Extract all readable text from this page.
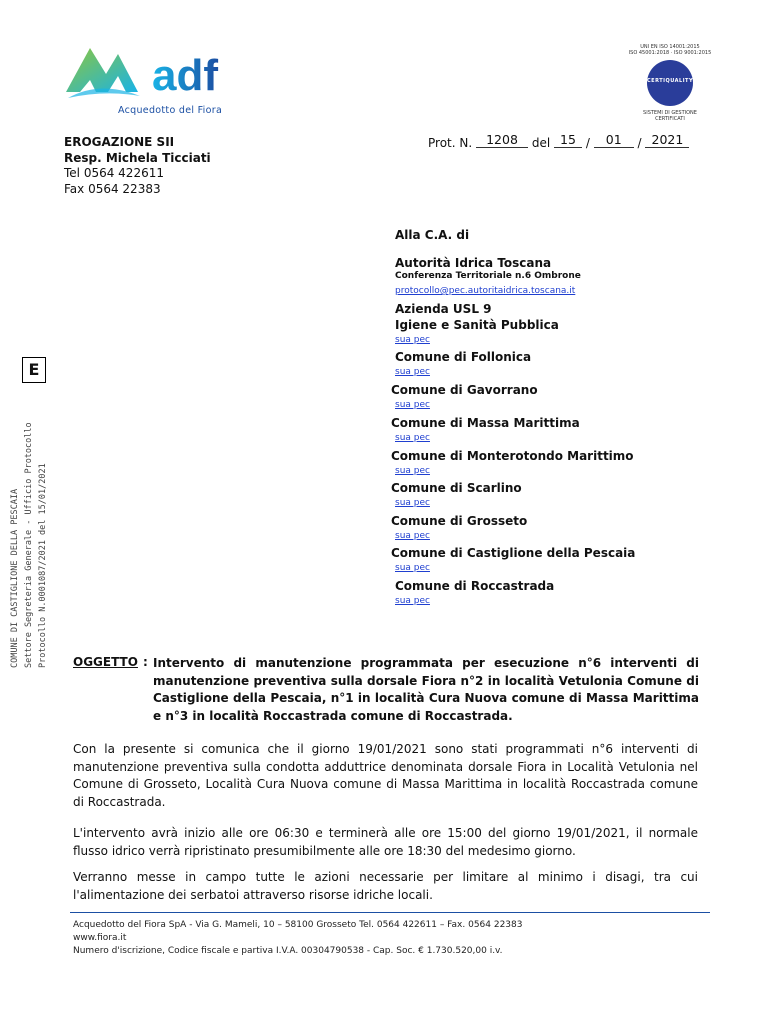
adf
Acquedotto del Fiora
UNI EN ISO 14001:2015
ISO 45001:2018 · ISO 9001:2015
CERTIQUALITY
SISTEMI DI GESTIONE
CERTIFICATI
EROGAZIONE SII
Resp. Michela Ticciati
Tel 0564 422611
Fax 0564 22383
Prot. N. 1208 del 15 / 01 / 2021
E
COMUNE DI CASTIGLIONE DELLA PESCAIA Settore Segreteria Generale - Ufficio Protocollo Protocollo N.0001087/2021 del 15/01/2021
Alla C.A. di
Autorità Idrica Toscana
Conferenza Territoriale n.6 Ombrone
protocollo@pec.autoritaidrica.toscana.it
Azienda USL 9
Igiene e Sanità Pubblica
sua pec
Comune di Follonica
sua pec
Comune di Gavorrano
sua pec
Comune di Massa Marittima
sua pec
Comune di Monterotondo Marittimo
sua pec
Comune di Scarlino
sua pec
Comune di Grosseto
sua pec
Comune di Castiglione della Pescaia
sua pec
Comune di Roccastrada
sua pec
OGGETTO : Intervento di manutenzione programmata per esecuzione n°6 interventi di manutenzione preventiva sulla dorsale Fiora n°2 in località Vetulonia Comune di Castiglione della Pescaia, n°1 in località Cura Nuova comune di Massa Marittima e n°3 in località Roccastrada comune di Roccastrada.
Con la presente si comunica che il giorno 19/01/2021 sono stati programmati n°6 interventi di manutenzione preventiva sulla condotta adduttrice denominata dorsale Fiora in Località Vetulonia nel Comune di Grosseto, Località Cura Nuova comune di Massa Marittima in località Roccastrada comune di Roccastrada.
L'intervento avrà inizio alle ore 06:30 e terminerà alle ore 15:00 del giorno 19/01/2021, il normale flusso idrico verrà ripristinato presumibilmente alle ore 18:30 del medesimo giorno.
Verranno messe in campo tutte le azioni necessarie per limitare al minimo i disagi, tra cui l'alimentazione dei serbatoi attraverso risorse idriche locali.
Acquedotto del Fiora SpA - Via G. Mameli, 10 – 58100 Grosseto Tel. 0564 422611 – Fax. 0564 22383
www.fiora.it
Numero d'iscrizione, Codice fiscale e partiva I.V.A. 00304790538 - Cap. Soc. € 1.730.520,00 i.v.
